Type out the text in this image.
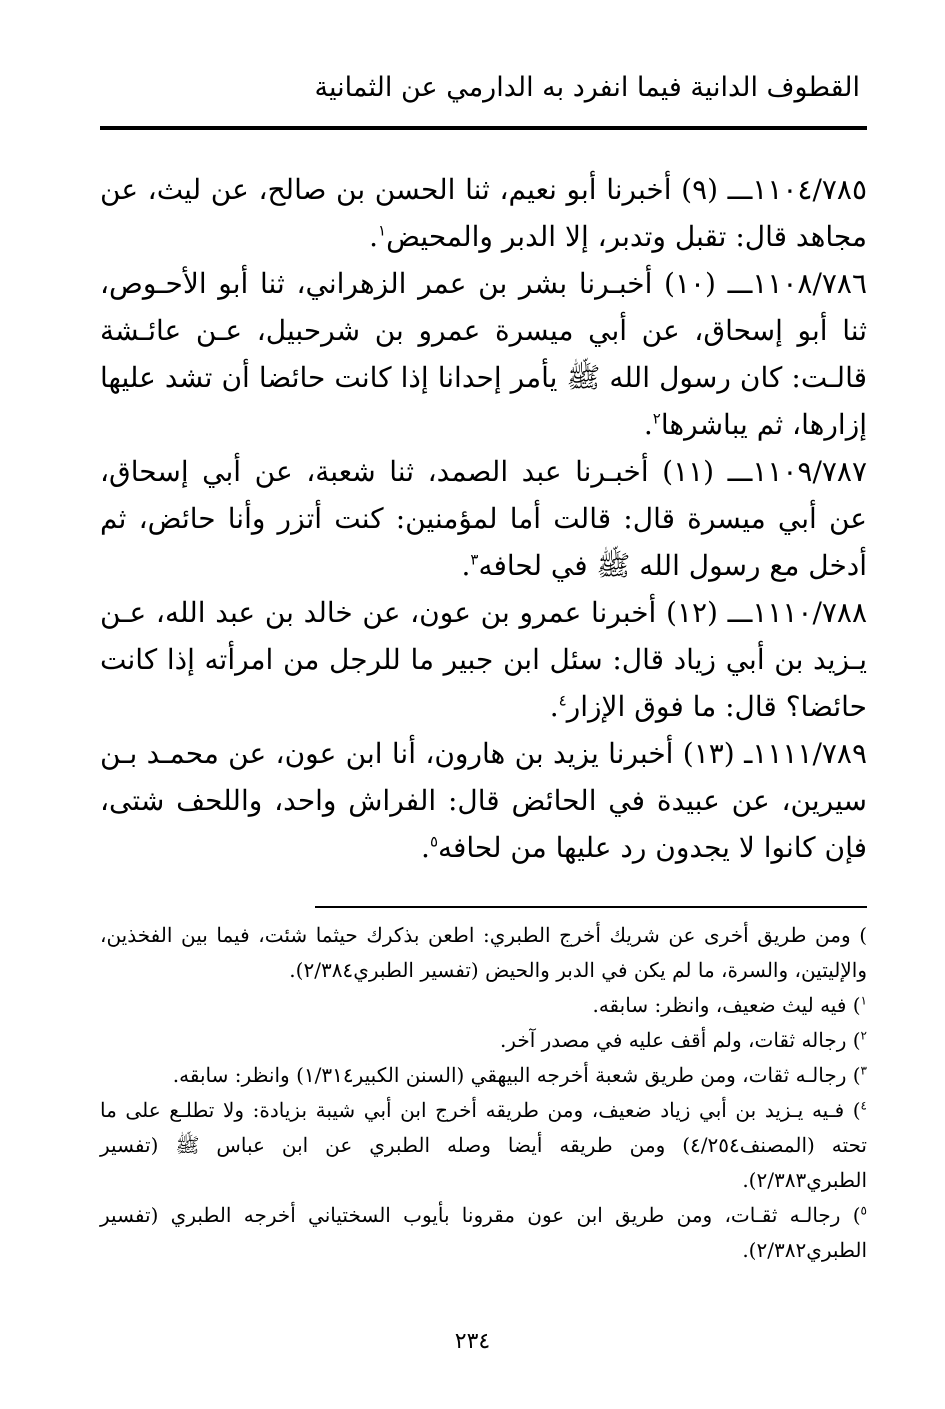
القطوف الدانية فيما انفرد به الدارمي عن الثمانية

١١٠٤/٧٨٥ـــ (٩) أخبرنا أبو نعيم، ثنا الحسن بن صالح، عن ليث، عن مجاهد قال: تقبل وتدبر، إلا الدبر والمحيض$^١$.

١١٠٨/٧٨٦ـــ (١٠) أخبـرنا بشر بن عمر الزهراني، ثنا أبو الأحـوص، ثنا أبو إسحاق، عن أبي ميسرة عمرو بن شرحبيل، عـن عائـشة قالـت: كان رسول الله ﷺ يأمر إحدانا إذا كانت حائضا أن تشد عليها إزارها، ثم يباشرها$^٢$.

١١٠٩/٧٨٧ـــ (١١) أخبـرنا عبد الصمد، ثنا شعبة، عن أبي إسحاق، عن أبي ميسرة قال: قالت أما لمؤمنين: كنت أتزر وأنا حائض، ثم أدخل مع رسول الله ﷺ في لحافه$^٣$.

١١١٠/٧٨٨ـــ (١٢) أخبرنا عمرو بن عون، عن خالد بن عبد الله، عـن يـزيد بن أبي زياد قال: سئل ابن جبير ما للرجل من امرأته إذا كانت حائضا؟ قال: ما فوق الإزار$^٤$.

١١١١/٧٨٩ـ (١٣) أخبرنا يزيد بن هارون، أنا ابن عون، عن محمـد بـن سيرين، عن عبيدة في الحائض قال: الفراش واحد، واللحف شتى، فإن كانوا لا يجدون رد عليها من لحافه$^٥$.

) ومن طريق أخرى عن شريك أخرج الطبري: اطعن بذكرك حيثما شئت، فيما بين الفخذين، والإليتين، والسرة، ما لم يكن في الدبر والحيض (تفسير الطبري٢/٣٨٤).

$^١$) فيه ليث ضعيف، وانظر: سابقه.

$^٢$) رجاله ثقات، ولم أقف عليه في مصدر آخر.

$^٣$) رجالـه ثقات، ومن طريق شعبة أخرجه البيهقي (السنن الكبير١/٣١٤) وانظر: سابقه.

$^٤$) فـيه يـزيد بن أبي زياد ضعيف، ومن طريقه أخرج ابن أبي شيبة بزيادة: ولا تطلـع على ما تحته (المصنف٤/٢٥٤) ومن طريقه أيضا وصله الطبري عن ابن عباس ﷺ (تفسير الطبري٢/٣٨٣).

$^٥$) رجالـه ثقـات، ومن طريق ابن عون مقرونا بأيوب السختياني أخرجه الطبري (تفسير الطبري٢/٣٨٢).

٢٣٤
